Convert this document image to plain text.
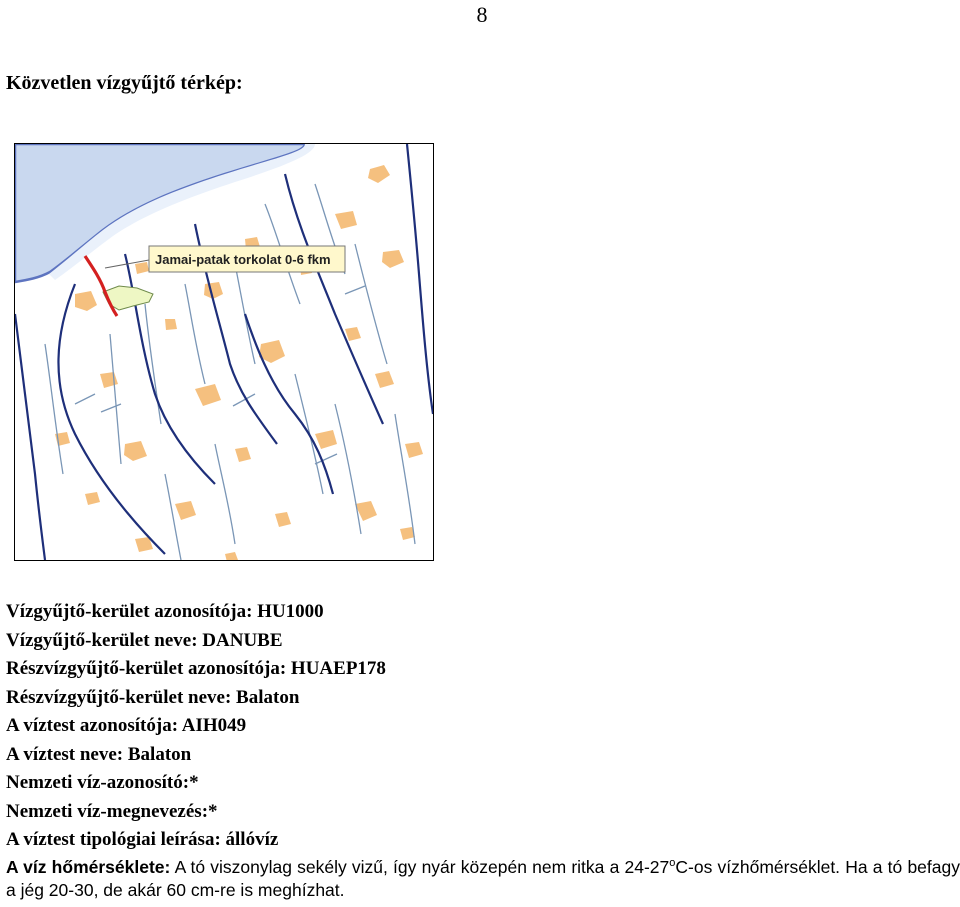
8
Közvetlen vízgyűjtő térkép:
Jamai-patak torkolat 0-6 fkm
Vízgyűjtő-kerület azonosítója: HU1000
Vízgyűjtő-kerület neve: DANUBE
Részvízgyűjtő-kerület azonosítója: HUAEP178
Részvízgyűjtő-kerület neve: Balaton
A víztest azonosítója: AIH049
A víztest neve: Balaton
Nemzeti víz-azonosító:*
Nemzeti víz-megnevezés:*
A víztest tipológiai leírása: állóvíz
A víz hőmérséklete: A tó viszonylag sekély vizű, így nyár közepén nem ritka a 24-27$^o$C-os vízhőmérséklet. Ha a tó befagy a jég 20-30, de akár 60 cm-re is meghízhat.
